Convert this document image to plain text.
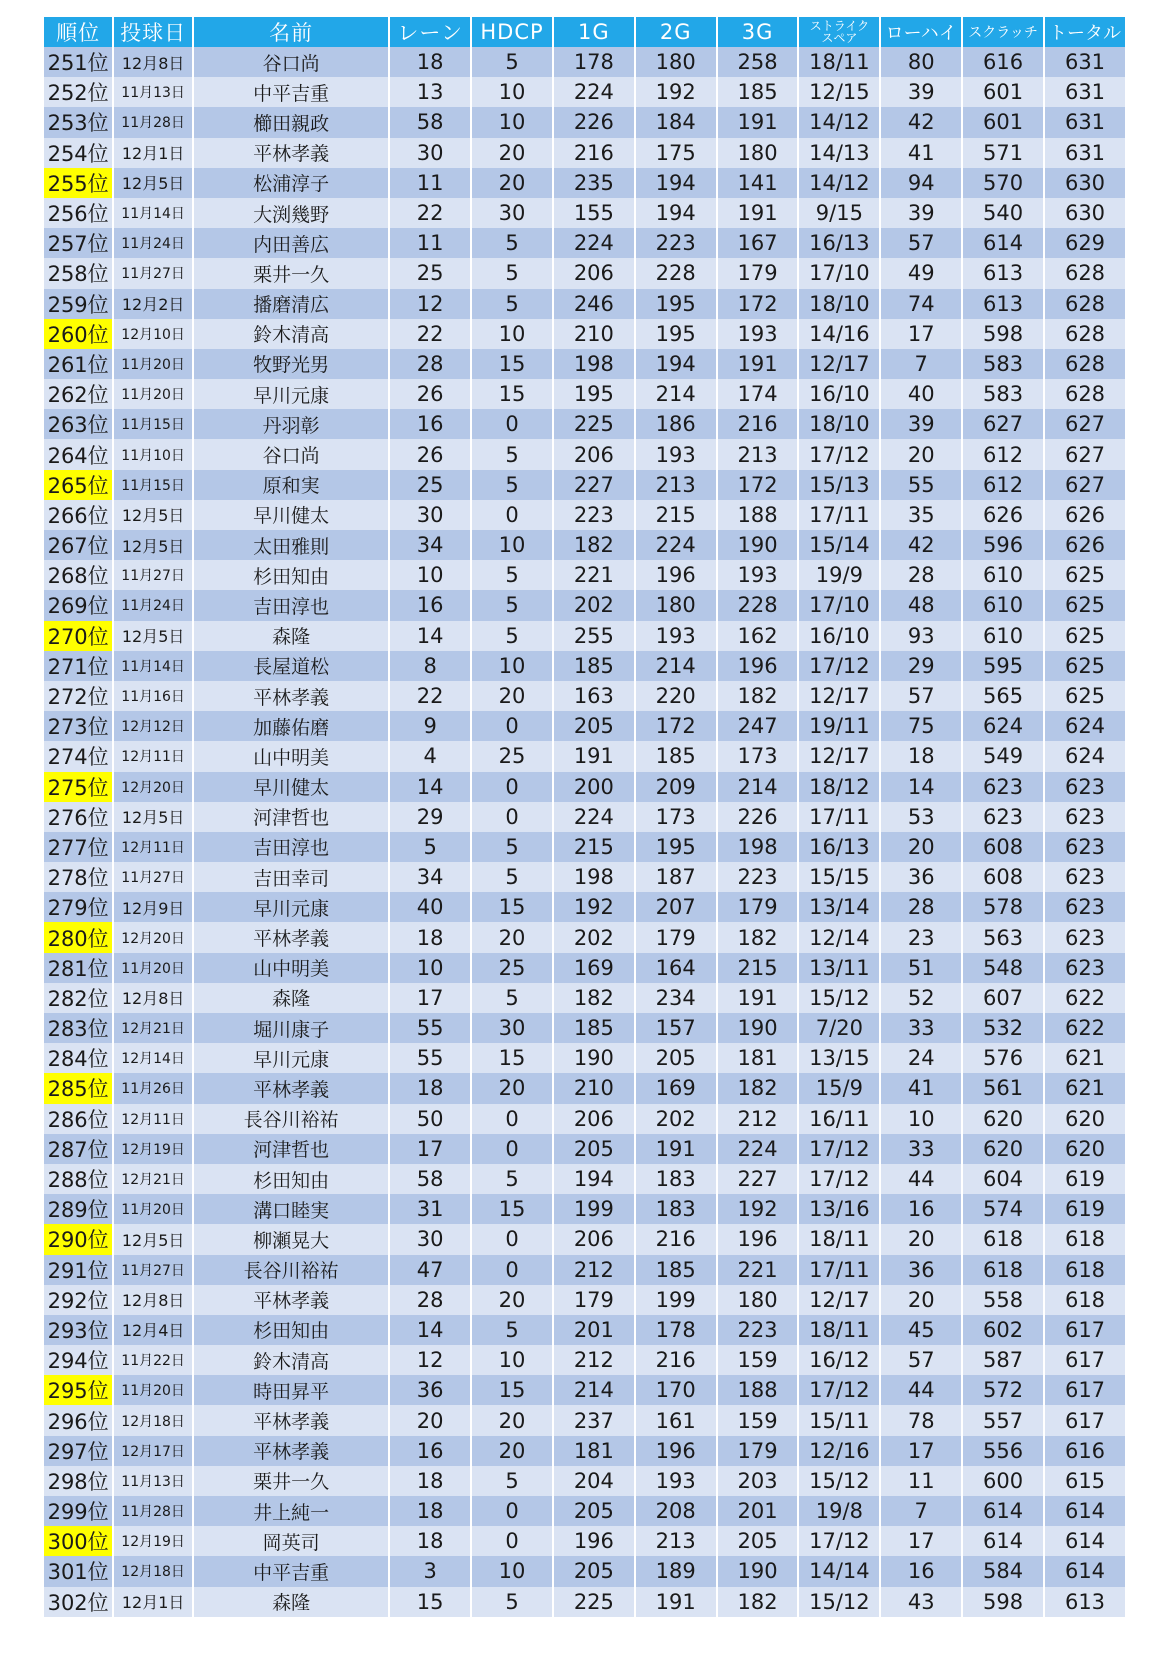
順位	投球日	名前	レーン	HDCP	1G	2G	3G	ストライク
スペア	ローハイ	スクラッチ	トータル
251位	12月8日	谷口尚	18	5	178	180	258	18/11	80	616	631
252位	11月13日	中平吉重	13	10	224	192	185	12/15	39	601	631
253位	11月28日	櫛田親政	58	10	226	184	191	14/12	42	601	631
254位	12月1日	平林孝義	30	20	216	175	180	14/13	41	571	631
255位	12月5日	松浦淳子	11	20	235	194	141	14/12	94	570	630
256位	11月14日	大渕幾野	22	30	155	194	191	9/15	39	540	630
257位	11月24日	内田善広	11	5	224	223	167	16/13	57	614	629
258位	11月27日	栗井一久	25	5	206	228	179	17/10	49	613	628
259位	12月2日	播磨清広	12	5	246	195	172	18/10	74	613	628
260位	12月10日	鈴木清高	22	10	210	195	193	14/16	17	598	628
261位	11月20日	牧野光男	28	15	198	194	191	12/17	7	583	628
262位	11月20日	早川元康	26	15	195	214	174	16/10	40	583	628
263位	11月15日	丹羽彰	16	0	225	186	216	18/10	39	627	627
264位	11月10日	谷口尚	26	5	206	193	213	17/12	20	612	627
265位	11月15日	原和実	25	5	227	213	172	15/13	55	612	627
266位	12月5日	早川健太	30	0	223	215	188	17/11	35	626	626
267位	12月5日	太田雅則	34	10	182	224	190	15/14	42	596	626
268位	11月27日	杉田知由	10	5	221	196	193	19/9	28	610	625
269位	11月24日	吉田淳也	16	5	202	180	228	17/10	48	610	625
270位	12月5日	森隆	14	5	255	193	162	16/10	93	610	625
271位	11月14日	長屋道松	8	10	185	214	196	17/12	29	595	625
272位	11月16日	平林孝義	22	20	163	220	182	12/17	57	565	625
273位	12月12日	加藤佑磨	9	0	205	172	247	19/11	75	624	624
274位	12月11日	山中明美	4	25	191	185	173	12/17	18	549	624
275位	12月20日	早川健太	14	0	200	209	214	18/12	14	623	623
276位	12月5日	河津哲也	29	0	224	173	226	17/11	53	623	623
277位	12月11日	吉田淳也	5	5	215	195	198	16/13	20	608	623
278位	11月27日	吉田幸司	34	5	198	187	223	15/15	36	608	623
279位	12月9日	早川元康	40	15	192	207	179	13/14	28	578	623
280位	12月20日	平林孝義	18	20	202	179	182	12/14	23	563	623
281位	11月20日	山中明美	10	25	169	164	215	13/11	51	548	623
282位	12月8日	森隆	17	5	182	234	191	15/12	52	607	622
283位	12月21日	堀川康子	55	30	185	157	190	7/20	33	532	622
284位	12月14日	早川元康	55	15	190	205	181	13/15	24	576	621
285位	11月26日	平林孝義	18	20	210	169	182	15/9	41	561	621
286位	12月11日	長谷川裕祐	50	0	206	202	212	16/11	10	620	620
287位	12月19日	河津哲也	17	0	205	191	224	17/12	33	620	620
288位	12月21日	杉田知由	58	5	194	183	227	17/12	44	604	619
289位	11月20日	溝口睦実	31	15	199	183	192	13/16	16	574	619
290位	12月5日	柳瀬晃大	30	0	206	216	196	18/11	20	618	618
291位	11月27日	長谷川裕祐	47	0	212	185	221	17/11	36	618	618
292位	12月8日	平林孝義	28	20	179	199	180	12/17	20	558	618
293位	12月4日	杉田知由	14	5	201	178	223	18/11	45	602	617
294位	11月22日	鈴木清高	12	10	212	216	159	16/12	57	587	617
295位	11月20日	時田昇平	36	15	214	170	188	17/12	44	572	617
296位	12月18日	平林孝義	20	20	237	161	159	15/11	78	557	617
297位	12月17日	平林孝義	16	20	181	196	179	12/16	17	556	616
298位	11月13日	栗井一久	18	5	204	193	203	15/12	11	600	615
299位	11月28日	井上純一	18	0	205	208	201	19/8	7	614	614
300位	12月19日	岡英司	18	0	196	213	205	17/12	17	614	614
301位	12月18日	中平吉重	3	10	205	189	190	14/14	16	584	614
302位	12月1日	森隆	15	5	225	191	182	15/12	43	598	613
